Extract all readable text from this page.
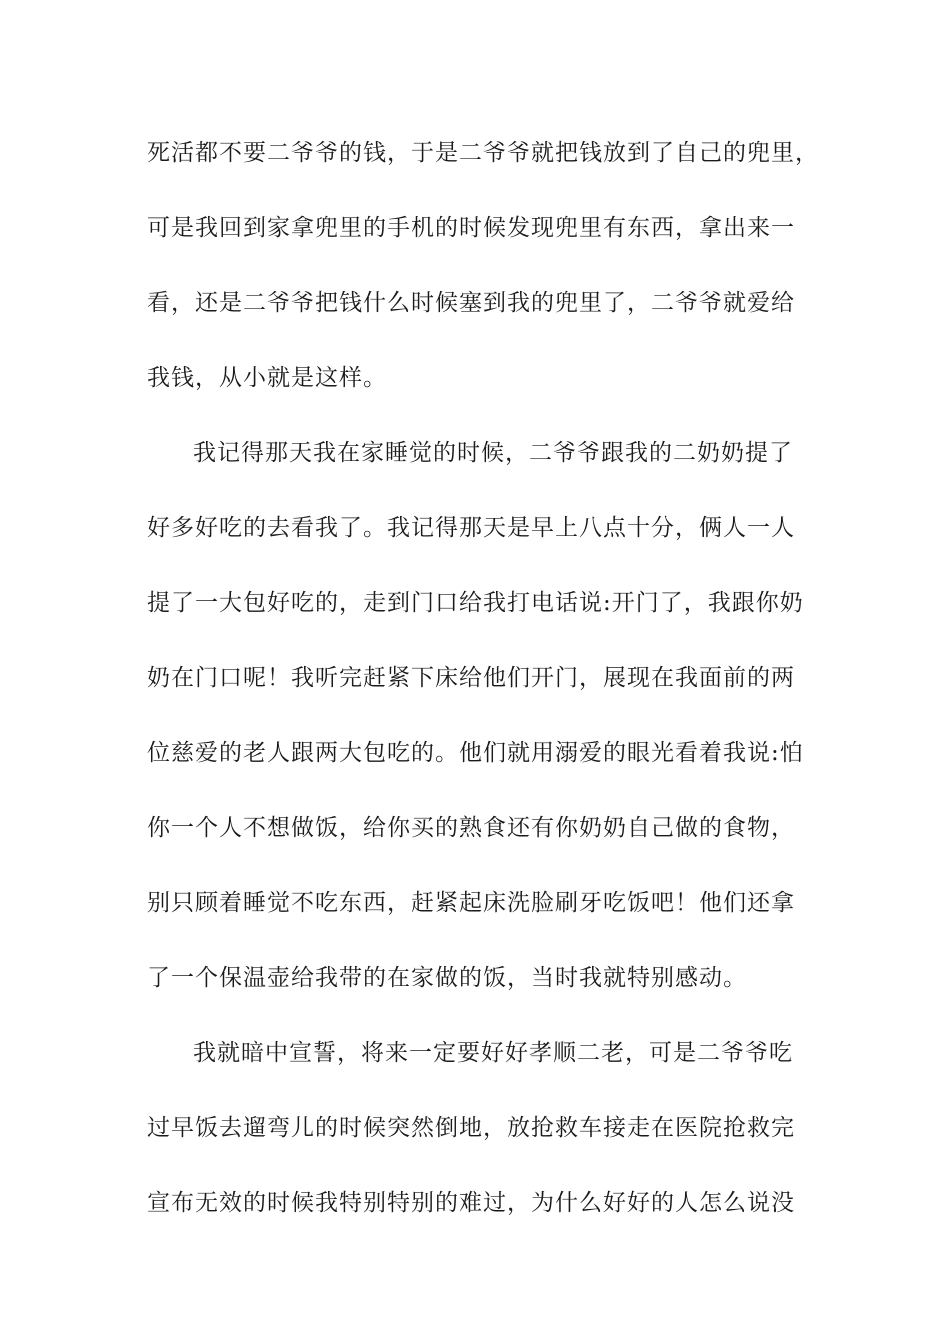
死活都不要二爷爷的钱，于是二爷爷就把钱放到了自己的兜里，
可是我回到家拿兜里的手机的时候发现兜里有东西，拿出来一
看，还是二爷爷把钱什么时候塞到我的兜里了，二爷爷就爱给
我钱，从小就是这样。
我记得那天我在家睡觉的时候，二爷爷跟我的二奶奶提了
好多好吃的去看我了。我记得那天是早上八点十分，俩人一人
提了一大包好吃的，走到门口给我打电话说:开门了，我跟你奶
奶在门口呢！我听完赶紧下床给他们开门，展现在我面前的两
位慈爱的老人跟两大包吃的。他们就用溺爱的眼光看着我说:怕
你一个人不想做饭，给你买的熟食还有你奶奶自己做的食物，
别只顾着睡觉不吃东西，赶紧起床洗脸刷牙吃饭吧！他们还拿
了一个保温壶给我带的在家做的饭，当时我就特别感动。
我就暗中宣誓，将来一定要好好孝顺二老，可是二爷爷吃
过早饭去遛弯儿的时候突然倒地，放抢救车接走在医院抢救完
宣布无效的时候我特别特别的难过，为什么好好的人怎么说没
